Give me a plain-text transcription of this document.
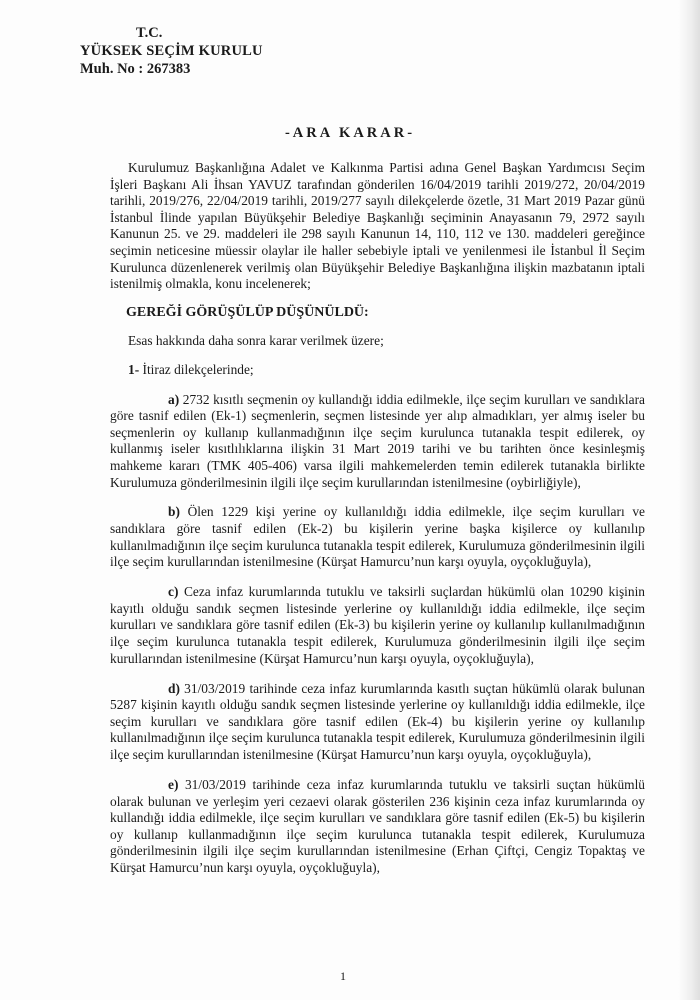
T.C.
YÜKSEK SEÇİM KURULU
Muh. No : 267383
-ARA KARAR-

Kurulumuz Başkanlığına Adalet ve Kalkınma Partisi adına Genel Başkan Yardımcısı Seçim İşleri Başkanı Ali İhsan YAVUZ tarafından gönderilen 16/04/2019 tarihli 2019/272, 20/04/2019 tarihli, 2019/276, 22/04/2019 tarihli, 2019/277 sayılı dilekçelerde özetle, 31 Mart 2019 Pazar günü İstanbul İlinde yapılan Büyükşehir Belediye Başkanlığı seçiminin Anayasanın 79, 2972 sayılı Kanunun 25. ve 29. maddeleri ile 298 sayılı Kanunun 14, 110, 112 ve 130. maddeleri gereğince seçimin neticesine müessir olaylar ile haller sebebiyle iptali ve yenilenmesi ile İstanbul İl Seçim Kurulunca düzenlenerek verilmiş olan Büyükşehir Belediye Başkanlığına ilişkin mazbatanın iptali istenilmiş olmakla, konu incelenerek;

GEREĞİ GÖRÜŞÜLÜP DÜŞÜNÜLDÜ:
Esas hakkında daha sonra karar verilmek üzere;
1- İtiraz dilekçelerinde;

a) 2732 kısıtlı seçmenin oy kullandığı iddia edilmekle, ilçe seçim kurulları ve sandıklara göre tasnif edilen (Ek-1) seçmenlerin, seçmen listesinde yer alıp almadıkları, yer almış iseler bu seçmenlerin oy kullanıp kullanmadığının ilçe seçim kurulunca tutanakla tespit edilerek, oy kullanmış iseler kısıtlılıklarına ilişkin 31 Mart 2019 tarihi ve bu tarihten önce kesinleşmiş mahkeme kararı (TMK 405-406) varsa ilgili mahkemelerden temin edilerek tutanakla birlikte Kurulumuza gönderilmesinin ilgili ilçe seçim kurullarından istenilmesine (oybirliğiyle),

b) Ölen 1229 kişi yerine oy kullanıldığı iddia edilmekle, ilçe seçim kurulları ve sandıklara göre tasnif edilen (Ek-2) bu kişilerin yerine başka kişilerce oy kullanılıp kullanılmadığının ilçe seçim kurulunca tutanakla tespit edilerek, Kurulumuza gönderilmesinin ilgili ilçe seçim kurullarından istenilmesine (Kürşat Hamurcu’nun karşı oyuyla, oyçokluğuyla),

c) Ceza infaz kurumlarında tutuklu ve taksirli suçlardan hükümlü olan 10290 kişinin kayıtlı olduğu sandık seçmen listesinde yerlerine oy kullanıldığı iddia edilmekle, ilçe seçim kurulları ve sandıklara göre tasnif edilen (Ek-3) bu kişilerin yerine oy kullanılıp kullanılmadığının ilçe seçim kurulunca tutanakla tespit edilerek, Kurulumuza gönderilmesinin ilgili ilçe seçim kurullarından istenilmesine (Kürşat Hamurcu’nun karşı oyuyla, oyçokluğuyla),

d) 31/03/2019 tarihinde ceza infaz kurumlarında kasıtlı suçtan hükümlü olarak bulunan 5287 kişinin kayıtlı olduğu sandık seçmen listesinde yerlerine oy kullanıldığı iddia edilmekle, ilçe seçim kurulları ve sandıklara göre tasnif edilen (Ek-4) bu kişilerin yerine oy kullanılıp kullanılmadığının ilçe seçim kurulunca tutanakla tespit edilerek, Kurulumuza gönderilmesinin ilgili ilçe seçim kurullarından istenilmesine (Kürşat Hamurcu’nun karşı oyuyla, oyçokluğuyla),

e) 31/03/2019 tarihinde ceza infaz kurumlarında tutuklu ve taksirli suçtan hükümlü olarak bulunan ve yerleşim yeri cezaevi olarak gösterilen 236 kişinin ceza infaz kurumlarında oy kullandığı iddia edilmekle, ilçe seçim kurulları ve sandıklara göre tasnif edilen (Ek-5) bu kişilerin oy kullanıp kullanmadığının ilçe seçim kurulunca tutanakla tespit edilerek, Kurulumuza gönderilmesinin ilgili ilçe seçim kurullarından istenilmesine (Erhan Çiftçi, Cengiz Topaktaş ve Kürşat Hamurcu’nun karşı oyuyla, oyçokluğuyla),

1
